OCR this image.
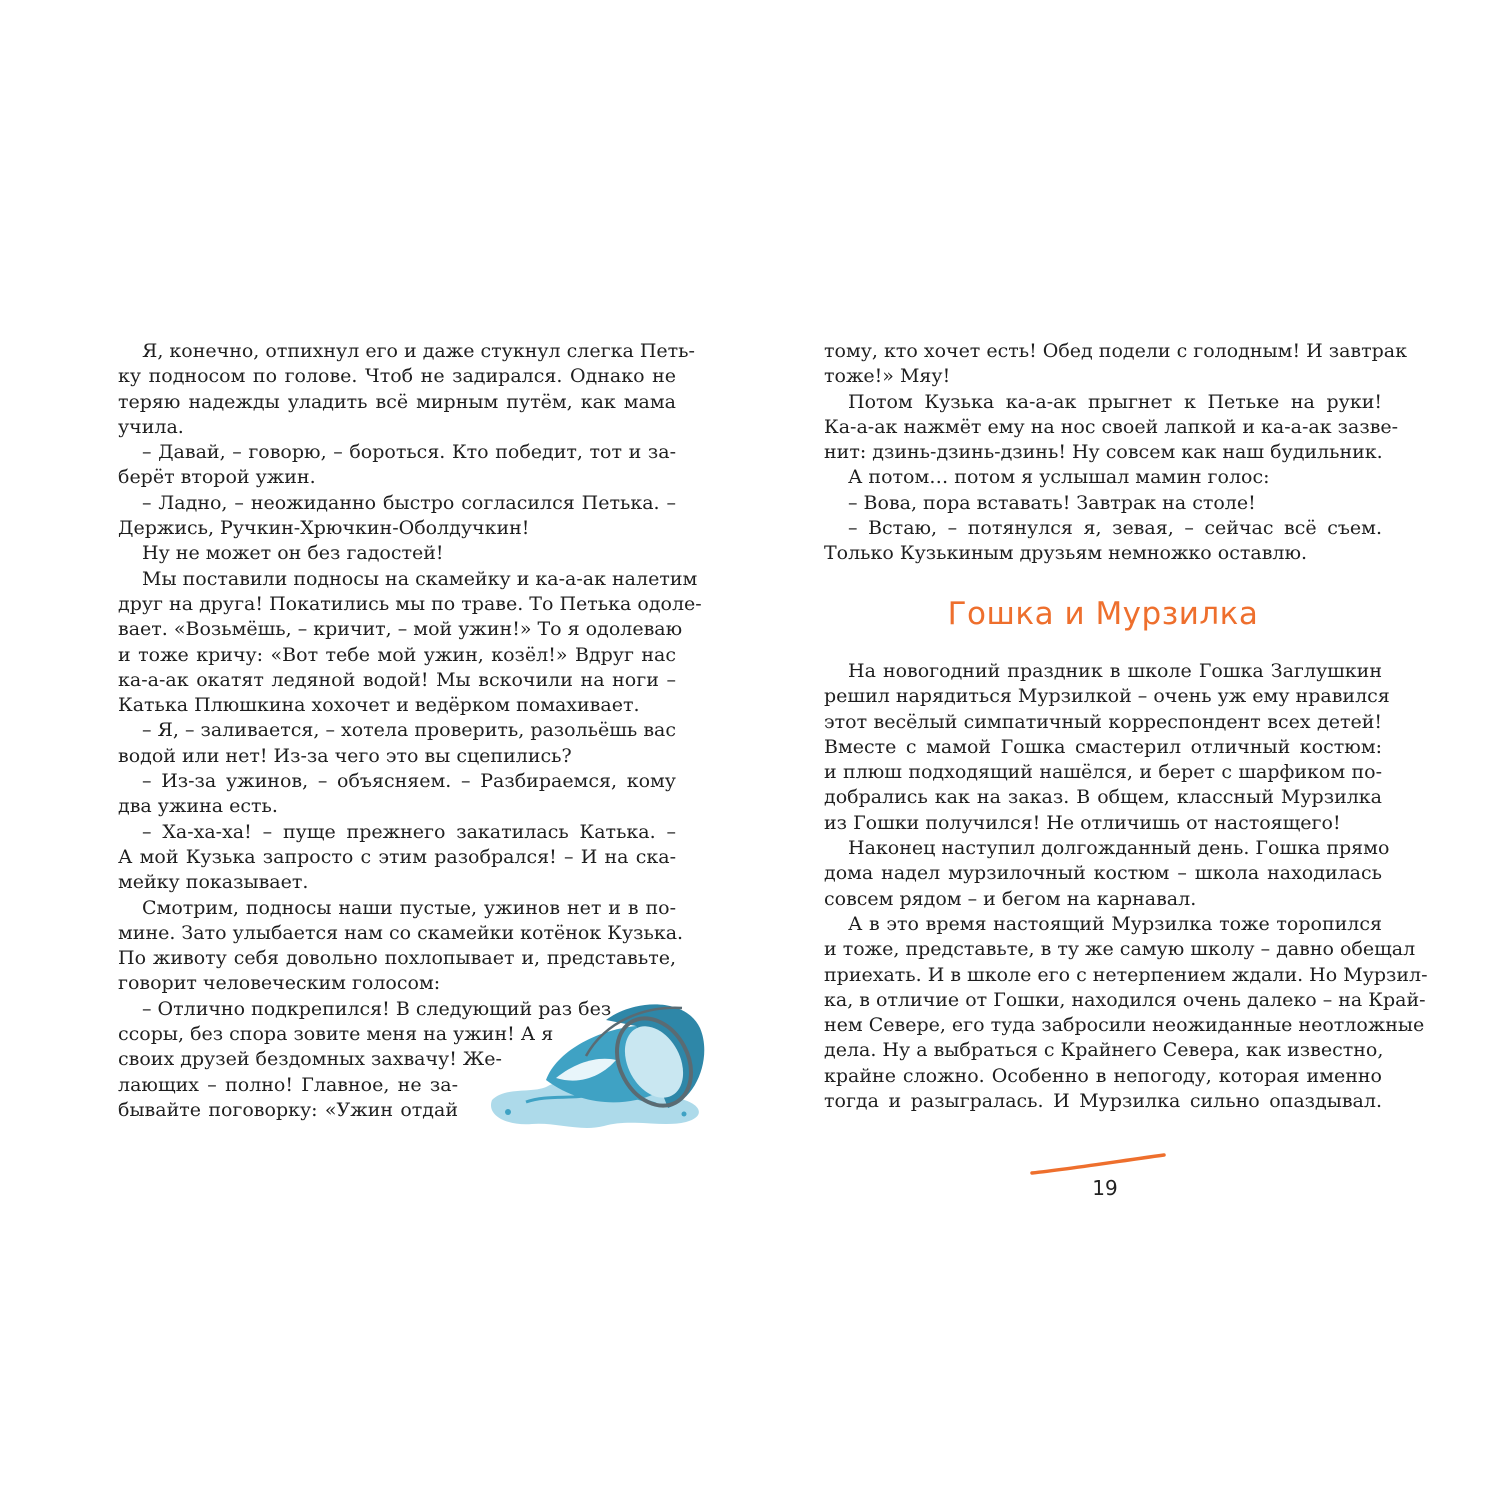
Я, конечно, отпихнул его и даже стукнул слегка Петь-
ку подносом по голове. Чтоб не задирался. Однако не
теряю надежды уладить всё мирным путём, как мама
учила.
– Давай, – говорю, – бороться. Кто победит, тот и за-
берёт второй ужин.
– Ладно, – неожиданно быстро согласился Петька. –
Держись, Ручкин-Хрючкин-Оболдучкин!
Ну не может он без гадостей!
Мы поставили подносы на скамейку и ка-а-ак налетим
друг на друга! Покатились мы по траве. То Петька одоле-
вает. «Возьмёшь, – кричит, – мой ужин!» То я одолеваю
и тоже кричу: «Вот тебе мой ужин, козёл!» Вдруг нас
ка-а-ак окатят ледяной водой! Мы вскочили на ноги –
Катька Плюшкина хохочет и ведёрком помахивает.
– Я, – заливается, – хотела проверить, разольёшь вас
водой или нет! Из-за чего это вы сцепились?
– Из-за ужинов, – объясняем. – Разбираемся, кому
два ужина есть.
– Ха-ха-ха! – пуще прежнего закатилась Катька. –
А мой Кузька запросто с этим разобрался! – И на ска-
мейку показывает.
Смотрим, подносы наши пустые, ужинов нет и в по-
мине. Зато улыбается нам со скамейки котёнок Кузька.
По животу себя довольно похлопывает и, представьте,
говорит человеческим голосом:
– Отлично подкрепился! В следующий раз без
ссоры, без спора зовите меня на ужин! А я
своих друзей бездомных захвачу! Же-
лающих – полно! Главное, не за-
бывайте поговорку: «Ужин отдай
тому, кто хочет есть! Обед подели с голодным! И завтрак
тоже!» Мяу!
Потом Кузька ка-а-ак прыгнет к Петьке на руки!
Ка-а-ак нажмёт ему на нос своей лапкой и ка-а-ак зазве-
нит: дзинь-дзинь-дзинь! Ну совсем как наш будильник.
А потом… потом я услышал мамин голос:
– Вова, пора вставать! Завтрак на столе!
– Встаю, – потянулся я, зевая, – сейчас всё съем.
Только Кузькиным друзьям немножко оставлю.
Гошка и Мурзилка
На новогодний праздник в школе Гошка Заглушкин
решил нарядиться Мурзилкой – очень уж ему нравился
этот весёлый симпатичный корреспондент всех детей!
Вместе с мамой Гошка смастерил отличный костюм:
и плюш подходящий нашёлся, и берет с шарфиком по-
добрались как на заказ. В общем, классный Мурзилка
из Гошки получился! Не отличишь от настоящего!
Наконец наступил долгожданный день. Гошка прямо
дома надел мурзилочный костюм – школа находилась
совсем рядом – и бегом на карнавал.
А в это время настоящий Мурзилка тоже торопился
и тоже, представьте, в ту же самую школу – давно обещал
приехать. И в школе его с нетерпением ждали. Но Мурзил-
ка, в отличие от Гошки, находился очень далеко – на Край-
нем Севере, его туда забросили неожиданные неотложные
дела. Ну а выбраться с Крайнего Севера, как известно,
крайне сложно. Особенно в непогоду, которая именно
тогда и разыгралась. И Мурзилка сильно опаздывал.
19
